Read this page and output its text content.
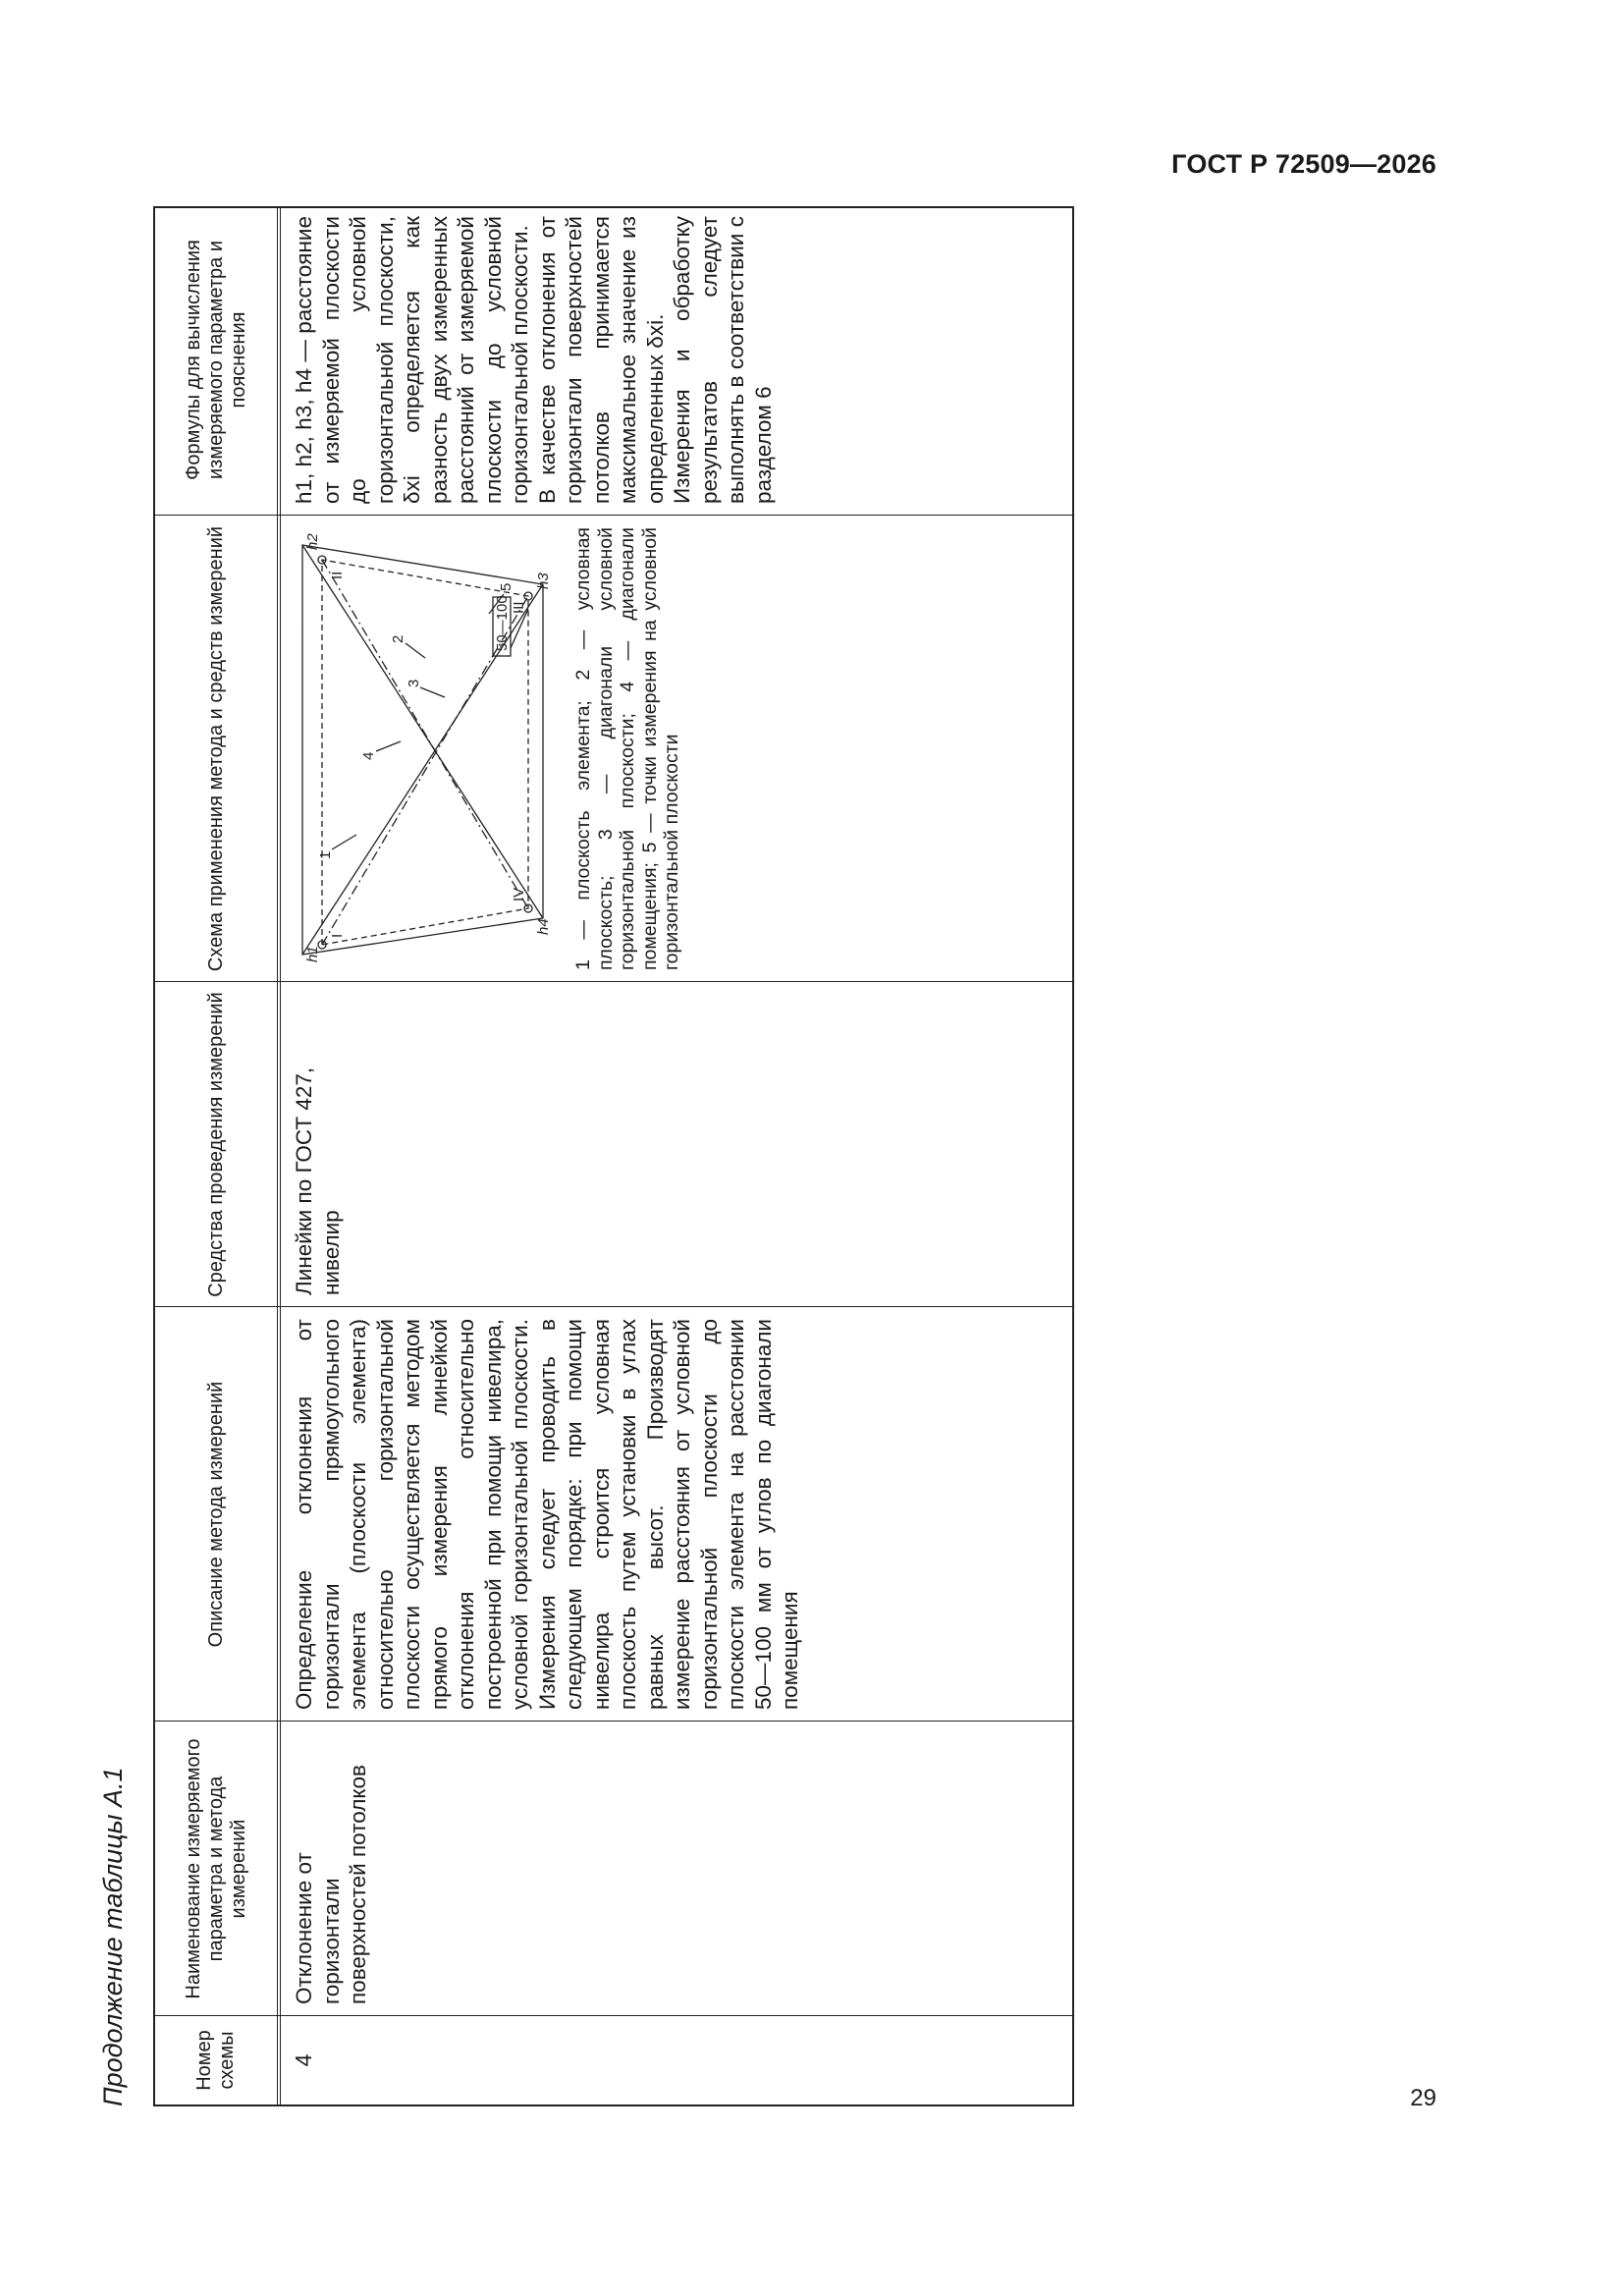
ГОСТ Р 72509—2026
29
Продолжение таблицы А.1	Номер схемы
Наименование измеряемого параметра и метода измерений
Описание метода измерений
Средства проведения измерений
Схема применения метода и средств измерений
Формулы для вычисления измеряемого параметра и пояснения
4
Отклонение от горизонтали поверхностей потолков
Определение отклонения от горизонтали прямоугольного элемента (плоскости элемента) относительно горизонтальной плоскости осуществляется методом прямого измерения линейкой отклонения относительно построенной при помощи нивелира, условной горизонтальной плоскости. Измерения следует проводить в следующем порядке: при помощи нивелира строится условная плоскость путем установки в углах равных высот. Производят измерение расстояния от условной горизонтальной плоскости до плоскости элемента на расстоянии 50—100 мм от углов по диагонали помещения
Линейки по ГОСТ 427, нивелир
1
4
3
2
5
50—100
h1
h2
h3
h4
I
II
III
IV 1 — плоскость элемента; 2 — условная плоскость; 3 — диагонали условной горизонтальной плоскости; 4 — диагонали помещения; 5 — точки измерения на условной горизонтальной плоскости
h1, h2, h3, h4 — расстояние от измеряемой плоскости до условной горизонтальной плоскости, δxi определяется как разность двух измеренных расстояний от измеряемой плоскости до условной горизонтальной плоскости. В качестве отклонения от горизонтали поверхностей потолков принимается максимальное значение из определенных δxi. Измерения и обработку результатов следует выполнять в соответствии с разделом 6
